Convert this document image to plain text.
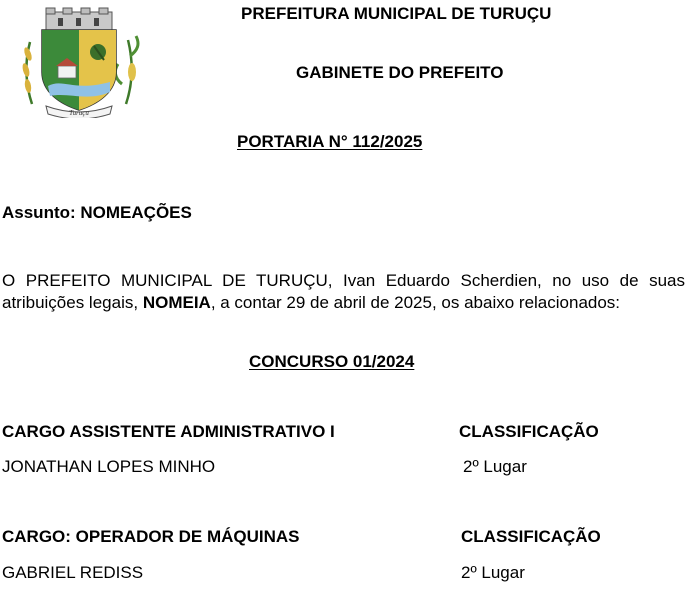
Turuçu
PREFEITURA MUNICIPAL DE TURUÇU
GABINETE DO PREFEITO
PORTARIA N° 112/2025
Assunto: NOMEAÇÕES
O PREFEITO MUNICIPAL DE TURUÇU, Ivan Eduardo Scherdien, no uso de suas atribuições legais, NOMEIA, a contar 29 de abril de 2025, os abaixo relacionados:
CONCURSO 01/2024
CARGO ASSISTENTE ADMINISTRATIVO I	CLASSIFICAÇÃO
JONATHAN LOPES MINHO	2º Lugar
CARGO: OPERADOR DE MÁQUINAS	CLASSIFICAÇÃO
GABRIEL REDISS	2º Lugar
